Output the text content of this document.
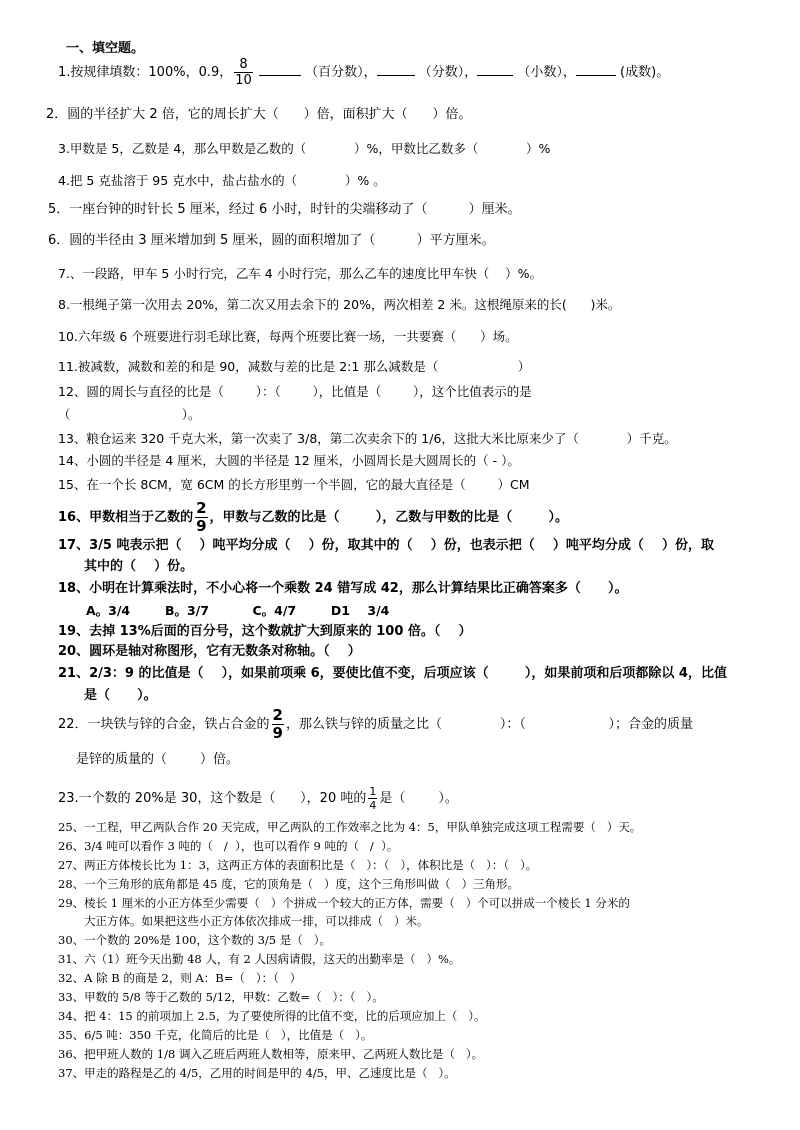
一、填空题。
1.按规律填数：100%，0.9， $\frac{8}{10}$	（百分数），	（分数），	（小数），	(成数)。
2．圆的半径扩大 2 倍，它的周长扩大（      ）倍，面积扩大（      ）倍。
3.甲数是 5，乙数是 4，那么甲数是乙数的（            ）%，甲数比乙数多（            ）%
4.把 5 克盐溶于 95 克水中，盐占盐水的（            ）% 。
5．一座台钟的时针长 5 厘米，经过 6 小时，时针的尖端移动了（          ）厘米。
6．圆的半径由 3 厘米增加到 5 厘米，圆的面积增加了（          ）平方厘米。
7.、一段路，甲车 5 小时行完，乙车 4 小时行完，那么乙车的速度比甲车快（    ）%。
8.一根绳子第一次用去 20%，第二次又用去余下的 20%，两次相差 2 米。这根绳原来的长(      )米。
10.六年级 6 个班要进行羽毛球比赛，每两个班要比赛一场，一共要赛（      ）场。
11.被减数，减数和差的和是 90，减数与差的比是 2:1 那么减数是（                    ）
12、圆的周长与直径的比是（        ）：（        ），比值是（        ），这个比值表示的是
（                            ）。
13、粮仓运来 320 千克大米，第一次卖了 3/8，第二次卖余下的 1/6，这批大米比原来少了（            ）千克。
14、小圆的半径是 4 厘米，大圆的半径是 12 厘米，小圆周长是大圆周长的（ - ）。
15、在一个长 8CM，宽 6CM 的长方形里剪一个半圆，它的最大直径是（        ）CM
16、甲数相当于乙数的 $\frac{2}{9}$ ，甲数与乙数的比是（        ），乙数与甲数的比是（        ）。
17、3/5 吨表示把（    ）吨平均分成（    ）份，取其中的（    ）份，也表示把（    ）吨平均分成（    ）份，取
其中的（    ）份。
18、小明在计算乘法时，不小心将一个乘数 24 错写成 42，那么计算结果比正确答案多（      ）。
A。3/4        B。3/7          C。4/7        D1    3/4
19、去掉 13%后面的百分号，这个数就扩大到原来的 100 倍。（    ）
20、圆环是轴对称图形，它有无数条对称轴。（    ）
21、2/3：9 的比值是（    ），如果前项乘 6，要使比值不变，后项应该（        ），如果前项和后项都除以 4，比值
是（      ）。
22．一块铁与锌的合金，铁占合金的 $\frac{2}{9}$ ，那么铁与锌的质量之比（              ）：（                    ）；合金的质量
是锌的质量的（        ）倍。
23.一个数的 20%是 30，这个数是（      ），20 吨的 $\frac{1}{4}$ 是（        ）。
25、一工程，甲乙两队合作 20 天完成，甲乙两队的工作效率之比为 4：5，甲队单独完成这项工程需要（   ）天。
26、3/4 吨可以看作 3 吨的（   /  ），也可以看作 9 吨的（   /  ）。
27、两正方体棱长比为 1：3，这两正方体的表面积比是（   ）：（   ），体积比是（   ）：（   ）。
28、一个三角形的底角都是 45 度，它的顶角是（   ）度，这个三角形叫做（   ）三角形。
29、棱长 1 厘米的小正方体至少需要（   ）个拼成一个较大的正方体，需要（   ）个可以拼成一个棱长 1 分米的
大正方体。如果把这些小正方体依次排成一排，可以排成（   ）米。
30、一个数的 20%是 100，这个数的 3/5 是（   ）。
31、六（1）班今天出勤 48 人，有 2 人因病请假，这天的出勤率是（   ）%。
32、A 除 B 的商是 2，则 A：B=（   ）：（   ）
33、甲数的 5/8 等于乙数的 5/12，甲数：乙数=（   ）：（   ）。
34、把 4：15 的前项加上 2.5，为了要使所得的比值不变，比的后项应加上（   ）。
35、6/5 吨：350 千克，化简后的比是（   ），比值是（   ）。
36、把甲班人数的 1/8 调入乙班后两班人数相等，原来甲、乙两班人数比是（   ）。
37、甲走的路程是乙的 4/5，乙用的时间是甲的 4/5，甲、乙速度比是（   ）。
